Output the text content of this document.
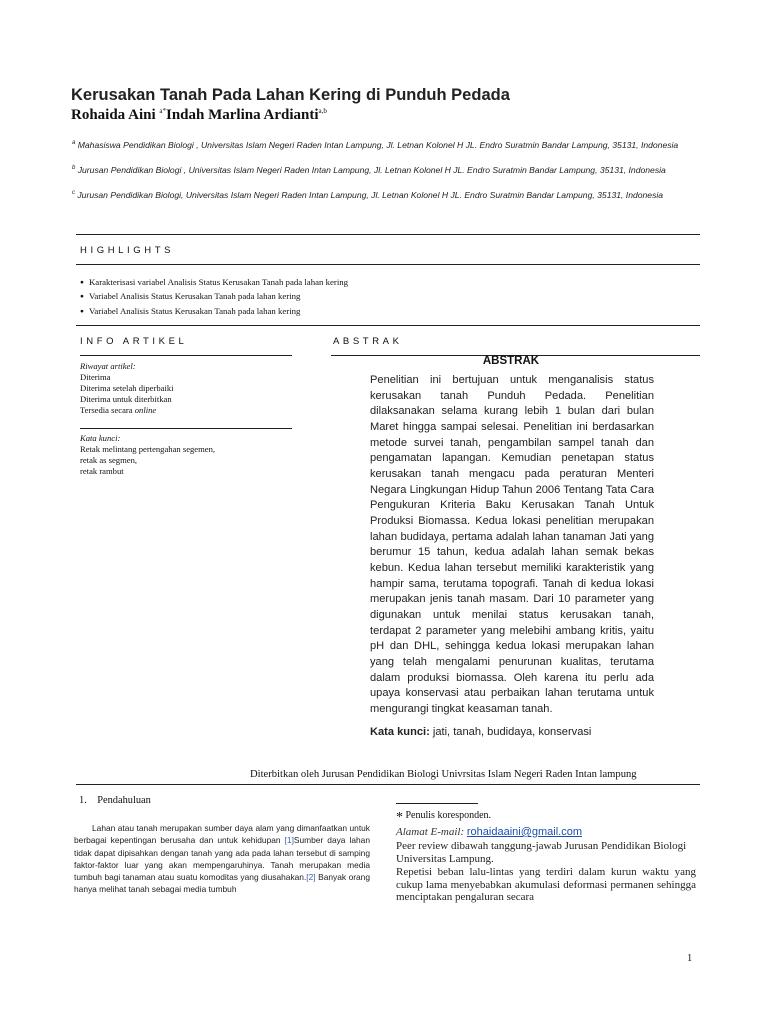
Kerusakan Tanah Pada Lahan Kering di Punduh Pedada
Rohaida Aini $^{a*}$Indah Marlina Ardianti$^{a,b}$
$^a$ Mahasiswa Pendidikan Biologi , Universitas Islam Negeri Raden Intan Lampung, Jl. Letnan Kolonel H JL. Endro Suratmin Bandar Lampung, 35131, Indonesia
$^b$ Jurusan Pendidikan Biologi , Universitas Islam Negeri Raden Intan Lampung, Jl. Letnan Kolonel H JL. Endro Suratmin Bandar Lampung, 35131, Indonesia
$^c$ Jurusan Pendidikan Biologi, Universitas Islam Negeri Raden Intan Lampung, Jl. Letnan Kolonel H JL. Endro Suratmin Bandar Lampung, 35131, Indonesia
HIGHLIGHTS
● Karakterisasi variabel Analisis Status Kerusakan Tanah pada lahan kering
● Variabel Analisis Status Kerusakan Tanah pada lahan kering
● Variabel Analisis Status Kerusakan Tanah pada lahan kering
INFO ARTIKEL	ABSTRAK
Riwayat artikel:
Diterima
Diterima setelah diperbaiki
Diterima untuk diterbitkan
Tersedia secara online
Kata kunci:
Retak melintang pertengahan segemen,
retak as segmen,
retak rambut
ABSTRAK
Penelitian ini bertujuan untuk menganalisis status kerusakan tanah Punduh Pedada. Penelitian dilaksanakan selama kurang lebih 1 bulan dari bulan Maret hingga sampai selesai. Penelitian ini berdasarkan metode survei tanah, pengambilan sampel tanah dan pengamatan lapangan. Kemudian penetapan status kerusakan tanah mengacu pada peraturan Menteri Negara Lingkungan Hidup Tahun 2006 Tentang Tata Cara Pengukuran Kriteria Baku Kerusakan Tanah Untuk Produksi Biomassa. Kedua lokasi penelitian merupakan lahan budidaya, pertama adalah lahan tanaman Jati yang berumur 15 tahun, kedua adalah lahan semak bekas kebun. Kedua lahan tersebut memiliki karakteristik yang hampir sama, terutama topografi. Tanah di kedua lokasi merupakan jenis tanah masam. Dari 10 parameter yang digunakan untuk menilai status kerusakan tanah, terdapat 2 parameter yang melebihi ambang kritis, yaitu pH dan DHL, sehingga kedua lokasi merupakan lahan yang telah mengalami penurunan kualitas, terutama dalam produksi biomassa. Oleh karena itu perlu ada upaya konservasi atau perbaikan lahan terutama untuk mengurangi tingkat keasaman tanah.
Kata kunci: jati, tanah, budidaya, konservasi
Diterbitkan oleh Jurusan Pendidikan Biologi Univrsitas Islam Negeri Raden Intan lampung
1. Pendahuluan
Lahan atau tanah merupakan sumber daya alam yang dimanfaatkan untuk berbagai kepentingan berusaha dan untuk kehidupan [1]Sumber daya lahan tidak dapat dipisahkan dengan tanah yang ada pada lahan tersebut di samping faktor-faktor luar yang akan mempengaruhinya. Tanah merupakan media tumbuh bagi tanaman atau suatu komoditas yang diusahakan.[2] Banyak orang hanya melihat tanah sebagai media tumbuh
* Penulis koresponden.
Alamat E-mail: rohaidaaini@gmail.com
Peer review dibawah tanggung-jawab Jurusan Pendidikan Biologi Universitas Lampung.
Repetisi beban lalu-lintas yang terdiri dalam kurun waktu yang cukup lama menyebabkan akumulasi deformasi permanen sehingga menciptakan pengaluran secara
1
